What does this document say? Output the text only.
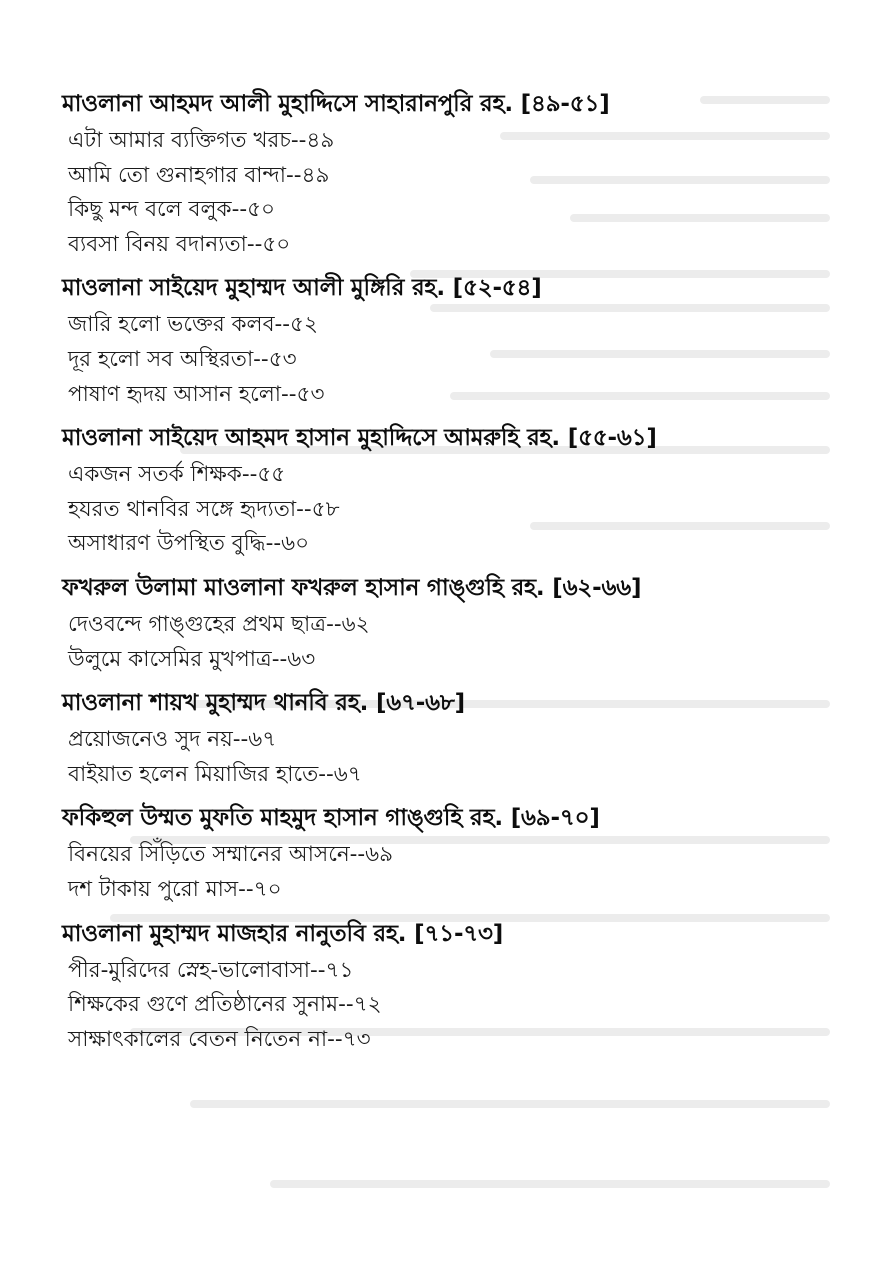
মাওলানা আহমদ আলী মুহাদ্দিসে সাহারানপুরি রহ. [৪৯-৫১]
এটা আমার ব্যক্তিগত খরচ--৪৯
আমি তো গুনাহগার বান্দা--৪৯
কিছু মন্দ বলে বলুক--৫০
ব্যবসা বিনয় বদান্যতা--৫০
মাওলানা সাইয়েদ মুহাম্মদ আলী মুঙ্গিরি রহ. [৫২-৫৪]
জারি হলো ভক্তের কলব--৫২
দূর হলো সব অস্থিরতা--৫৩
পাষাণ হৃদয় আসান হলো--৫৩
মাওলানা সাইয়েদ আহমদ হাসান মুহাদ্দিসে আমরুহি রহ. [৫৫-৬১]
একজন সতর্ক শিক্ষক--৫৫
হযরত থানবির সঙ্গে হৃদ্যতা--৫৮
অসাধারণ উপস্থিত বুদ্ধি--৬০
ফখরুল উলামা মাওলানা ফখরুল হাসান গাঙ্গুহি রহ. [৬২-৬৬]
দেওবন্দে গাঙ্গুহের প্রথম ছাত্র--৬২
উলুমে কাসেমির মুখপাত্র--৬৩
মাওলানা শায়খ মুহাম্মদ থানবি রহ. [৬৭-৬৮]
প্রয়োজনেও সুদ নয়--৬৭
বাইয়াত হলেন মিয়াজির হাতে--৬৭
ফকিহুল উম্মত মুফতি মাহমুদ হাসান গাঙ্গুহি রহ. [৬৯-৭০]
বিনয়ের সিঁড়িতে সম্মানের আসনে--৬৯
দশ টাকায় পুরো মাস--৭০
মাওলানা মুহাম্মদ মাজহার নানুতবি রহ. [৭১-৭৩]
পীর-মুরিদের স্নেহ-ভালোবাসা--৭১
শিক্ষকের গুণে প্রতিষ্ঠানের সুনাম--৭২
সাক্ষাৎকালের বেতন নিতেন না--৭৩
